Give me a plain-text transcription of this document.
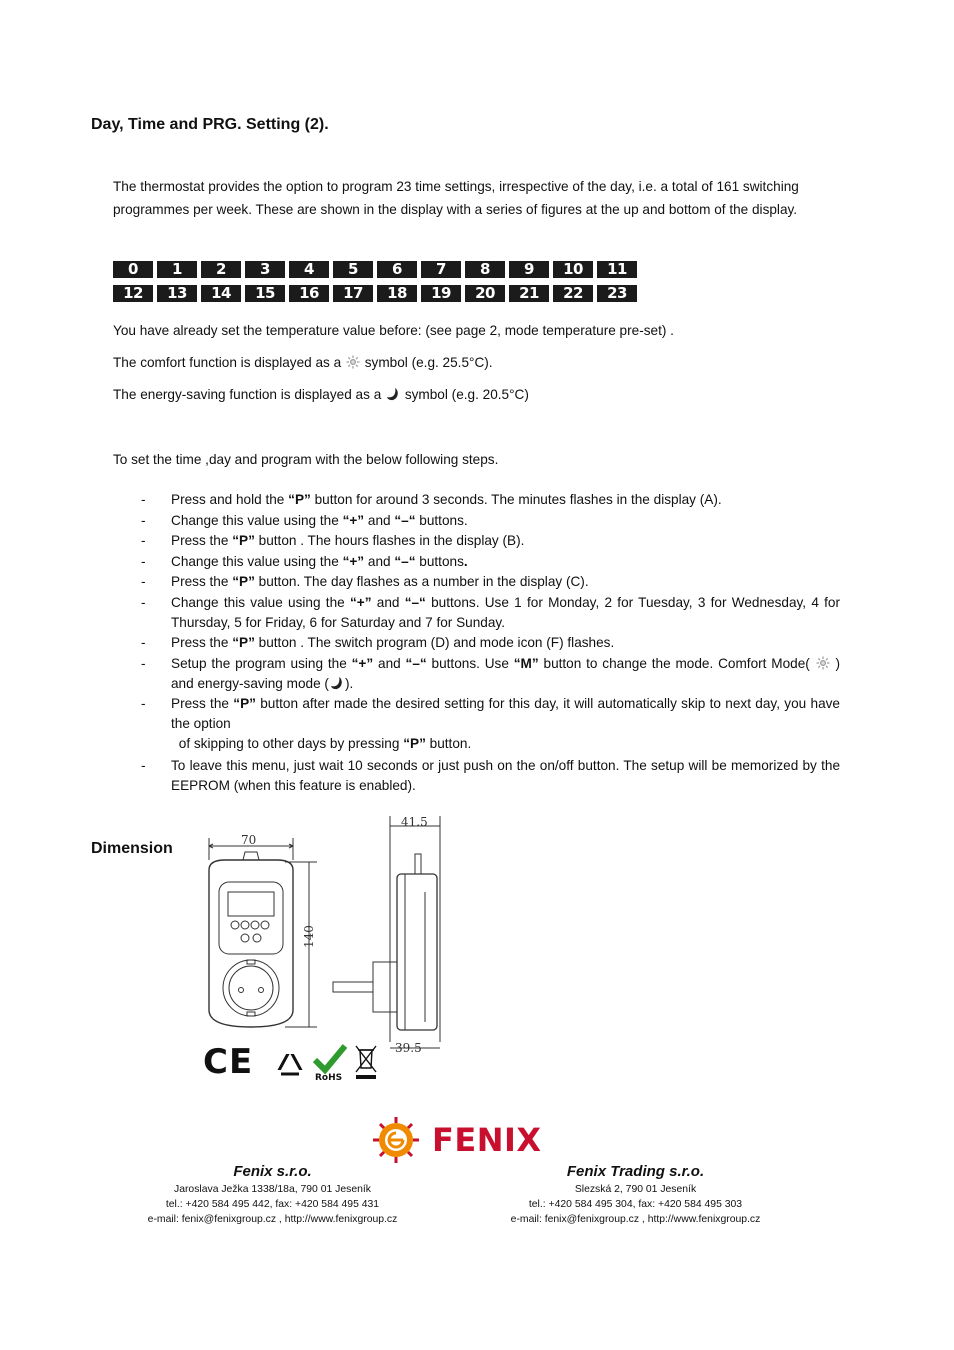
Day, Time and PRG. Setting (2).
The thermostat provides the option to program 23 time settings, irrespective of the day, i.e. a total of 161 switching programmes per week. These are shown in the display with a series of figures at the up and bottom of the display.
0	1	2	3	4	5	6	7	8	9	10	11
12	13	14	15	16	17	18	19	20	21	22	23
You have already set the temperature value before: (see page 2, mode temperature pre-set) .
The comfort function is displayed as a symbol (e.g. 25.5°C).
The energy-saving function is displayed as a symbol (e.g. 20.5°C)
To set the time ,day and program with the below following steps.
-	Press and hold the “P” button for around 3 seconds. The minutes flashes in the display (A).
-	Change this value using the “+” and “–“ buttons.
-	Press the “P” button . The hours flashes in the display (B).
-	Change this value using the “+” and “–“ buttons.
-	Press the “P” button. The day flashes as a number in the display (C).
-	Change this value using the “+” and “–“ buttons. Use 1 for Monday, 2 for Tuesday, 3 for Wednesday, 4 for Thursday, 5 for Friday, 6 for Saturday and 7 for Sunday.
-	Press the “P” button . The switch program (D) and mode icon (F) flashes.
-	Setup the program using the “+” and “–“ buttons. Use “M” button to change the mode. Comfort Mode(  ) and energy-saving mode ( ).
-	Press the “P” button after made the desired setting for this day, it will automatically skip to next day, you have the option
of skipping to other days by pressing “P” button.
-	To leave this menu, just wait 10 seconds or just push on the on/off button. The setup will be memorized by the EEPROM (when this feature is enabled).
Dimension	70
140
41.5
39.5
CE	RoHS
FENIX
Fenix s.r.o.
Jaroslava Ježka 1338/18a, 790 01 Jeseník
tel.: +420 584 495 442, fax: +420 584 495 431
e-mail: fenix@fenixgroup.cz , http://www.fenixgroup.cz
Fenix Trading s.r.o.
Slezská 2, 790 01 Jeseník
tel.: +420 584 495 304, fax: +420 584 495 303
e-mail: fenix@fenixgroup.cz , http://www.fenixgroup.cz
